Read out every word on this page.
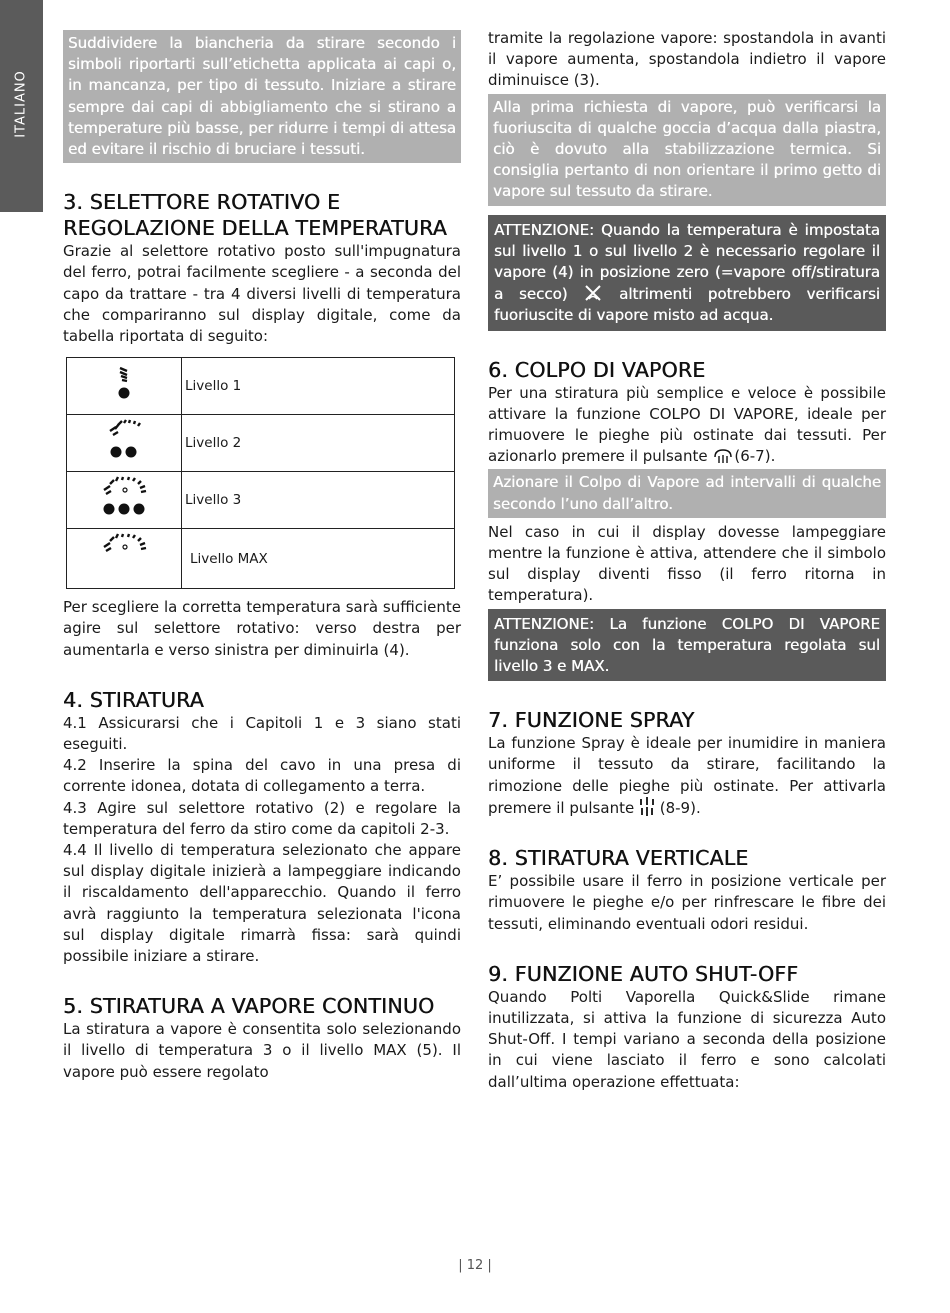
ITALIANO
Suddividere la biancheria da stirare secondo i simboli riportarti sull’etichetta applicata ai capi o, in mancanza, per tipo di tessuto. Iniziare a stirare sempre dai capi di abbigliamento che si stirano a temperature più basse, per ridurre i tempi di attesa ed evitare il rischio di bruciare i tessuti.
3. SELETTORE ROTATIVO E REGOLAZIONE DELLA TEMPERATURA

Grazie al selettore rotativo posto sull'impugnatura del ferro, potrai facilmente scegliere - a seconda del capo da trattare - tra 4 diversi livelli di temperatura che compariranno sul display digitale, come da tabella riportata di seguito:

	Livello 1
	Livello 2
	Livello 3
	Livello MAX

Per scegliere la corretta temperatura sarà sufficiente agire sul selettore rotativo: verso destra per aumentarla e verso sinistra per diminuirla (4).

4. STIRATURA

4.1 Assicurarsi che i Capitoli 1 e 3 siano stati eseguiti.

4.2 Inserire la spina del cavo in una presa di corrente idonea, dotata di collegamento a terra.

4.3 Agire sul selettore rotativo (2) e regolare la temperatura del ferro da stiro come da capitoli 2-3.

4.4 Il livello di temperatura selezionato che appare sul display digitale inizierà a lampeggiare indicando il riscaldamento dell'apparecchio. Quando il ferro avrà raggiunto la temperatura selezionata l'icona sul display digitale rimarrà fissa: sarà quindi possibile iniziare a stirare.

5. STIRATURA A VAPORE CONTINUO

La stiratura a vapore è consentita solo selezionando il livello di temperatura 3 o il livello MAX (5). Il vapore può essere regolato

tramite la regolazione vapore: spostandola in avanti il vapore aumenta, spostandola indietro il vapore diminuisce (3).

Alla prima richiesta di vapore, può verificarsi la fuoriuscita di qualche goccia d’acqua dalla piastra, ciò è dovuto alla stabilizzazione termica. Si consiglia pertanto di non orientare il primo getto di vapore sul tessuto da stirare.
ATTENZIONE: Quando la temperatura è impostata sul livello 1 o sul livello 2 è necessario regolare il vapore (4) in posizione zero (=vapore off/stiratura a secco)	altrimenti potrebbero verificarsi fuoriuscite di vapore misto ad acqua.
6. COLPO DI VAPORE

Per una stiratura più semplice e veloce è possibile attivare la funzione COLPO DI VAPORE, ideale per rimuovere le pieghe più ostinate dai tessuti. Per azionarlo premere il pulsante (6-7).

Azionare il Colpo di Vapore ad intervalli di qualche secondo l’uno dall’altro.

Nel caso in cui il display dovesse lampeggiare mentre la funzione è attiva, attendere che il simbolo sul display diventi fisso (il ferro ritorna in temperatura).

ATTENZIONE: La funzione COLPO DI VAPORE funziona solo con la temperatura regolata sul livello 3 e MAX.
7. FUNZIONE SPRAY

La funzione Spray è ideale per inumidire in maniera uniforme il tessuto da stirare, facilitando la rimozione delle pieghe più ostinate. Per attivarla premere il pulsante (8-9).

8. STIRATURA VERTICALE

E’ possibile usare il ferro in posizione verticale per rimuovere le pieghe e/o per rinfrescare le fibre dei tessuti, eliminando eventuali odori residui.

9. FUNZIONE AUTO SHUT-OFF

Quando Polti Vaporella Quick&Slide rimane inutilizzata, si attiva la funzione di sicurezza Auto Shut-Off. I tempi variano a seconda della posizione in cui viene lasciato il ferro e sono calcolati dall’ultima operazione effettuata:

| 12 |
